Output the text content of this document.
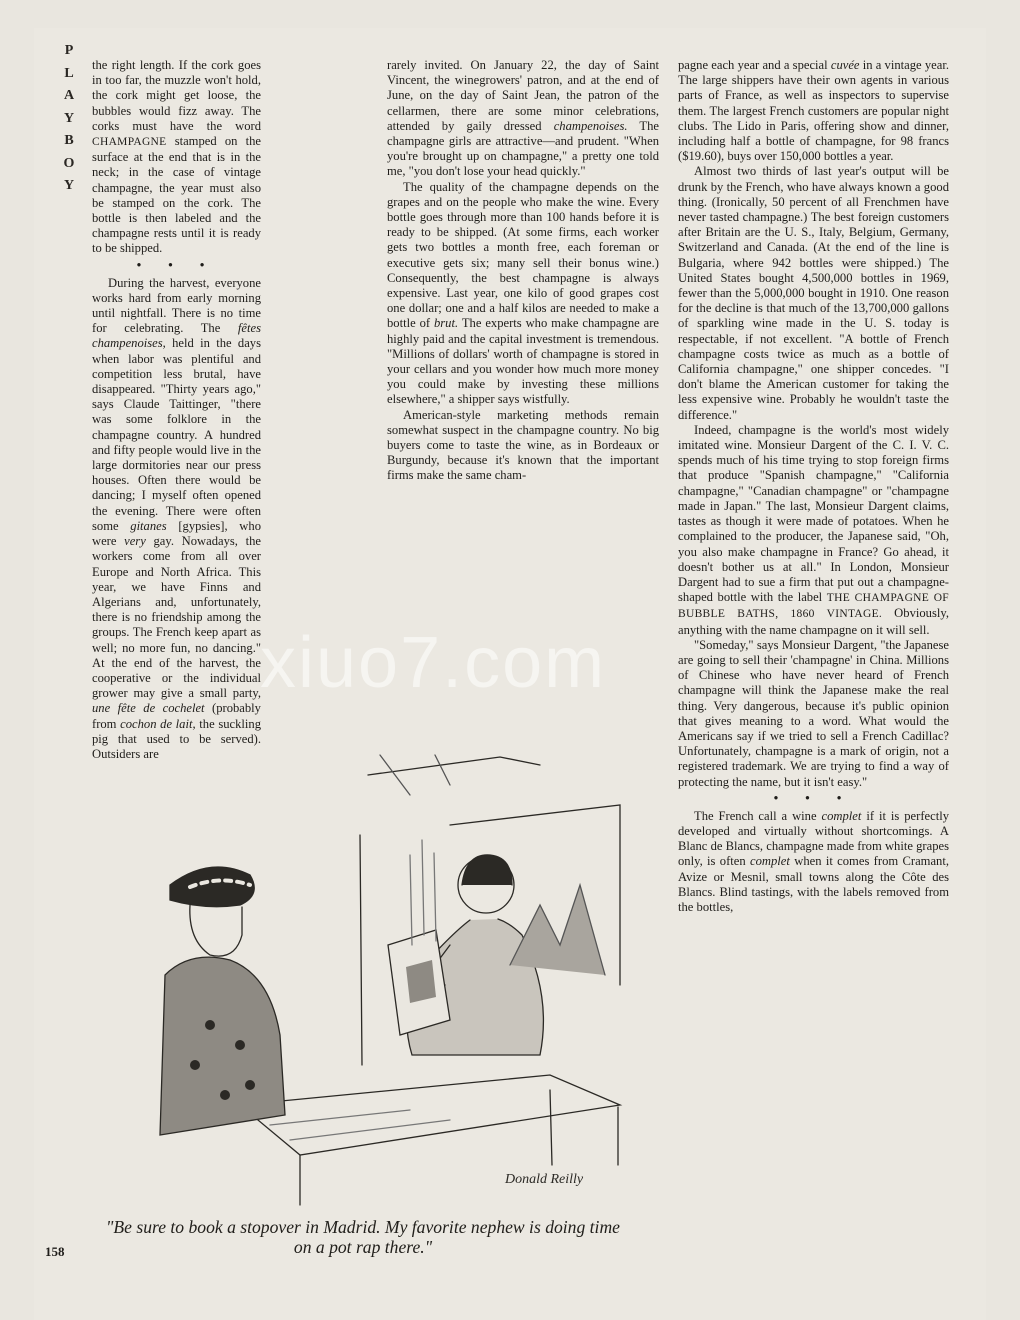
P
L
A
Y
B
O
Y

the right length. If the cork goes in too far, the muzzle won't hold, the cork might get loose, the bubbles would fizz away. The corks must have the word CHAMPAGNE stamped on the surface at the end that is in the neck; in the case of vintage champagne, the year must also be stamped on the cork. The bottle is then labeled and the champagne rests until it is ready to be shipped.

• • •

During the harvest, everyone works hard from early morning until nightfall. There is no time for celebrating. The fêtes champenoises, held in the days when labor was plentiful and competition less brutal, have disappeared. "Thirty years ago," says Claude Taittinger, "there was some folklore in the champagne country. A hundred and fifty people would live in the large dormitories near our press houses. Often there would be dancing; I myself often opened the evening. There were often some gitanes [gypsies], who were very gay. Nowadays, the workers come from all over Europe and North Africa. This year, we have Finns and Algerians and, unfortunately, there is no friendship among the groups. The French keep apart as well; no more fun, no dancing." At the end of the harvest, the cooperative or the individual grower may give a small party, une fête de cochelet (probably from cochon de lait, the suckling pig that used to be served). Outsiders are

rarely invited. On January 22, the day of Saint Vincent, the winegrowers' patron, and at the end of June, on the day of Saint Jean, the patron of the cellarmen, there are some minor celebrations, attended by gaily dressed champenoises. The champagne girls are attractive—and prudent. "When you're brought up on champagne," a pretty one told me, "you don't lose your head quickly."

The quality of the champagne depends on the grapes and on the people who make the wine. Every bottle goes through more than 100 hands before it is ready to be shipped. (At some firms, each worker gets two bottles a month free, each foreman or executive gets six; many sell their bonus wine.) Consequently, the best champagne is always expensive. Last year, one kilo of good grapes cost one dollar; one and a half kilos are needed to make a bottle of brut. The experts who make champagne are highly paid and the capital investment is tremendous. "Millions of dollars' worth of champagne is stored in your cellars and you wonder how much more money you could make by investing these millions elsewhere," a shipper says wistfully.

American-style marketing methods remain somewhat suspect in the champagne country. No big buyers come to taste the wine, as in Bordeaux or Burgundy, because it's known that the important firms make the same cham-

pagne each year and a special cuvée in a vintage year. The large shippers have their own agents in various parts of France, as well as inspectors to supervise them. The largest French customers are popular night clubs. The Lido in Paris, offering show and dinner, including half a bottle of champagne, for 98 francs ($19.60), buys over 150,000 bottles a year.

Almost two thirds of last year's output will be drunk by the French, who have always known a good thing. (Ironically, 50 percent of all Frenchmen have never tasted champagne.) The best foreign customers after Britain are the U. S., Italy, Belgium, Germany, Switzerland and Canada. (At the end of the line is Bulgaria, where 942 bottles were shipped.) The United States bought 4,500,000 bottles in 1969, fewer than the 5,000,000 bought in 1910. One reason for the decline is that much of the 13,700,000 gallons of sparkling wine made in the U. S. today is respectable, if not excellent. "A bottle of French champagne costs twice as much as a bottle of California champagne," one shipper concedes. "I don't blame the American customer for taking the less expensive wine. Probably he wouldn't taste the difference."

Indeed, champagne is the world's most widely imitated wine. Monsieur Dargent of the C. I. V. C. spends much of his time trying to stop foreign firms that produce "Spanish champagne," "California champagne," "Canadian champagne" or "champagne made in Japan." The last, Monsieur Dargent claims, tastes as though it were made of potatoes. When he complained to the producer, the Japanese said, "Oh, you also make champagne in France? Go ahead, it doesn't bother us at all." In London, Monsieur Dargent had to sue a firm that put out a champagne-shaped bottle with the label THE CHAMPAGNE OF BUBBLE BATHS, 1860 VINTAGE. Obviously, anything with the name champagne on it will sell.

"Someday," says Monsieur Dargent, "the Japanese are going to sell their 'champagne' in China. Millions of Chinese who have never heard of French champagne will think the Japanese make the real thing. Very dangerous, because it's public opinion that gives meaning to a word. What would the Americans say if we tried to sell a French Cadillac? Unfortunately, champagne is a mark of origin, not a registered trademark. We are trying to find a way of protecting the name, but it isn't easy."

• • •

The French call a wine complet if it is perfectly developed and virtually without shortcomings. A Blanc de Blancs, champagne made from white grapes only, is often complet when it comes from Cramant, Avize or Mesnil, small towns along the Côte des Blancs. Blind tastings, with the labels removed from the bottles,

Donald Reilly
"Be sure to book a stopover in Madrid. My favorite nephew is doing time on a pot rap there."
158
xiuo7.com
